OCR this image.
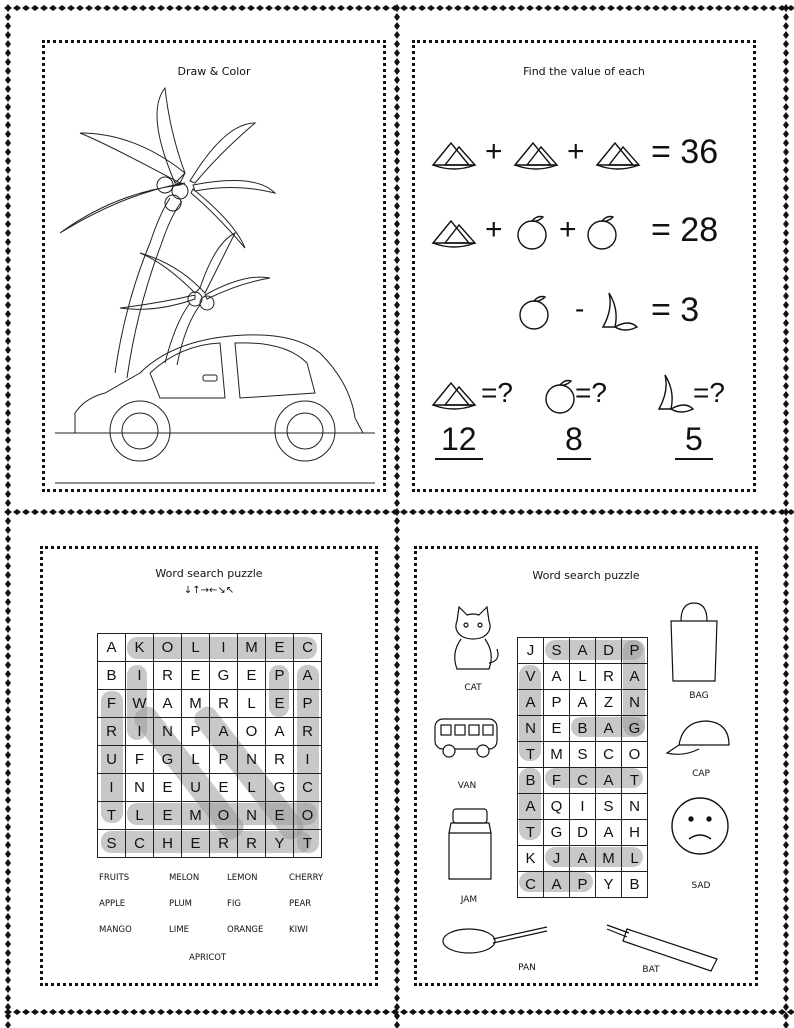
Draw & Color	Find the value of each
+ + = 36
+ + = 28
- = 3
=? =?	=?
12	8	5
Word search puzzle
↓↑→←↘↖
A	K	O	L	I	M	E	C
B	I	R	E	G	E	P	A
F	W	A	M	R	L	E	P
R	I	N	P	A	O	A	R
U	F	G	L	P	N	R	I
I	N	E	U	E	L	G	C
T	L	E	M	O	N	E	O
S	C	H	E	R	R	Y	T
FRUITS	MELON	LEMON	CHERRY
APPLE	PLUM	FIG	PEAR
MANGO	LIME	ORANGE	KIWI
APRICOT
Word search puzzle
J	S	A	D	P
V	A	L	R	A
A	P	A	Z	N
N	E	B	A	G
T	M	S	C	O
B	F	C	A	T
A	Q	I	S	N
T	G	D	A	H
K	J	A	M	L
C	A	P	Y	B
CAT
VAN
JAM
BAG
CAP
SAD
PAN	BAT
